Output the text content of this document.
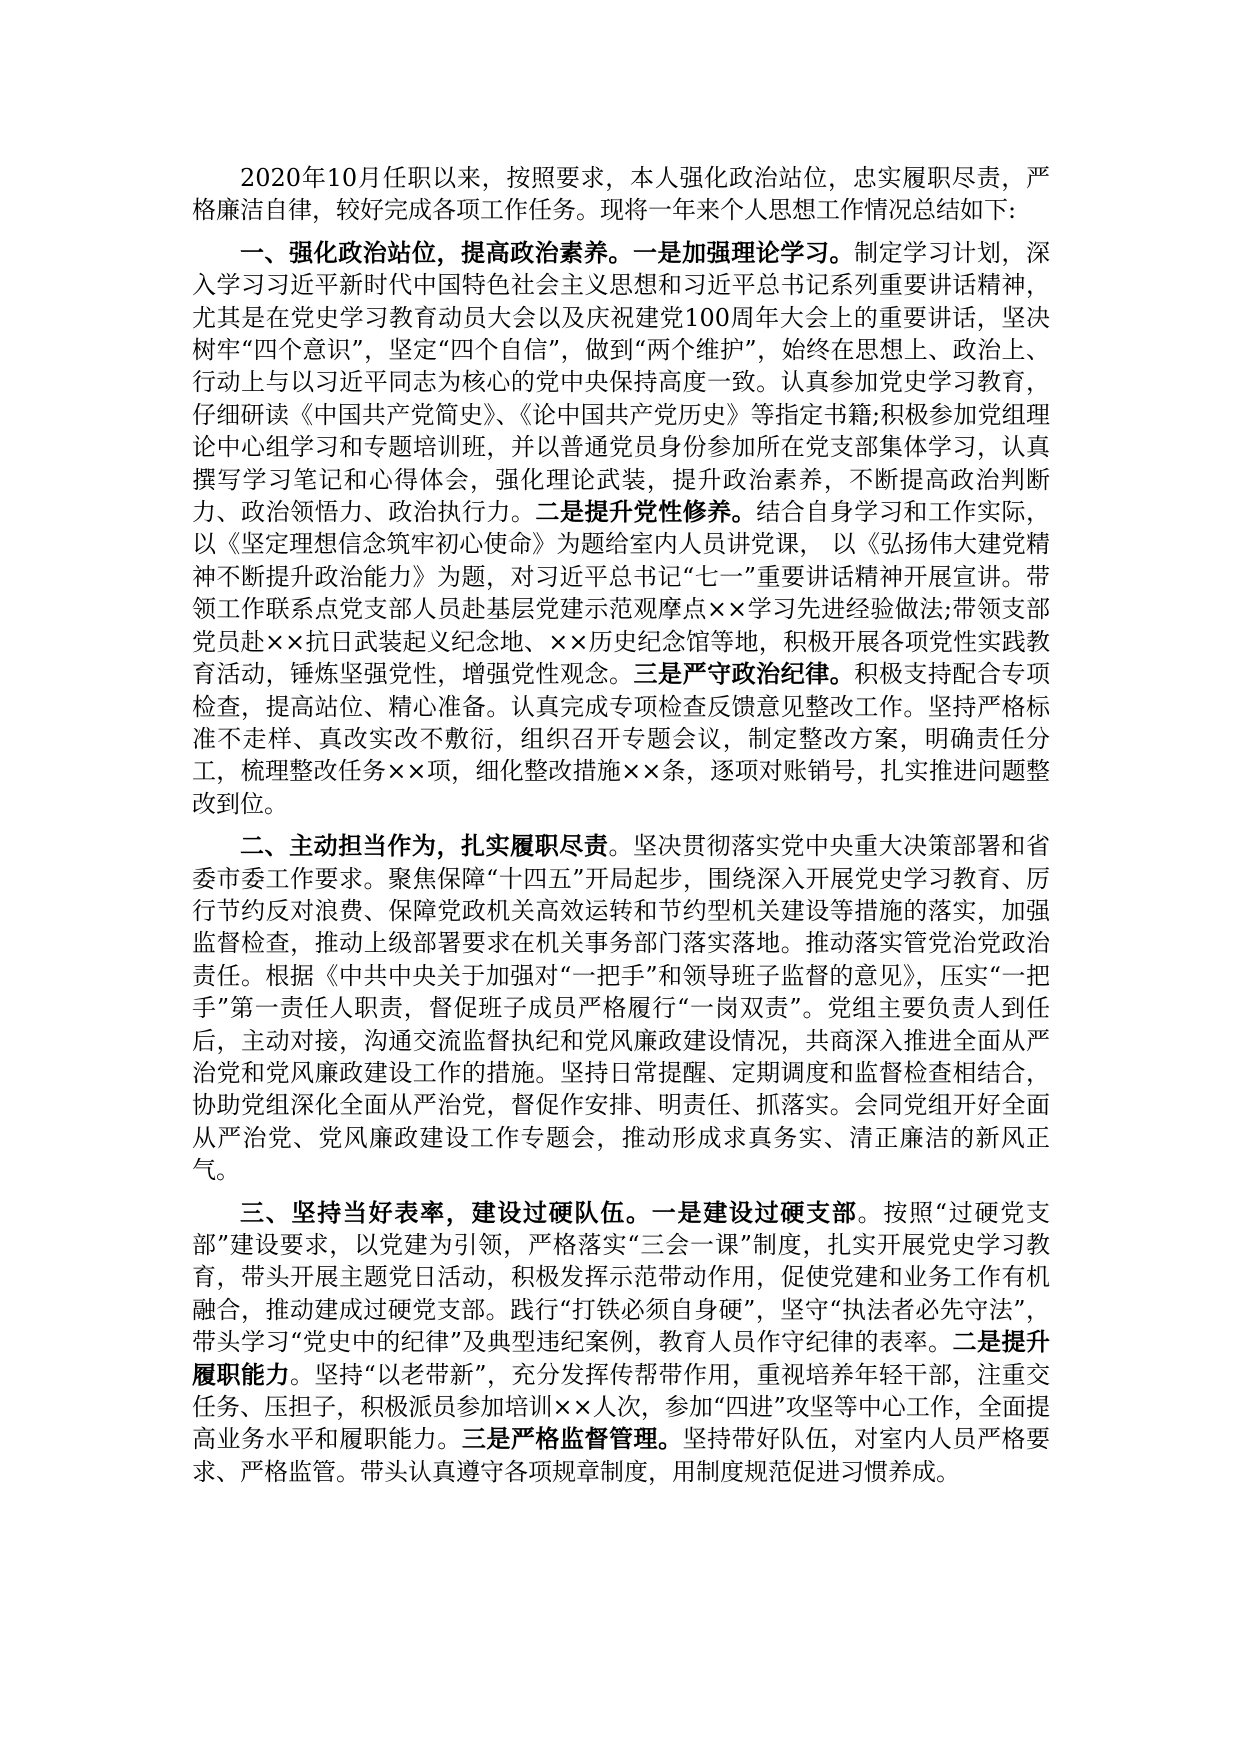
2020年10月任职以来，按照要求，本人强化政治站位，忠实履职尽责，严格廉洁自律，较好完成各项工作任务。现将一年来个人思想工作情况总结如下:

一、强化政治站位，提高政治素养。一是加强理论学习。制定学习计划，深入学习习近平新时代中国特色社会主义思想和习近平总书记系列重要讲话精神，尤其是在党史学习教育动员大会以及庆祝建党100周年大会上的重要讲话，坚决树牢“四个意识”，坚定“四个自信”，做到“两个维护”，始终在思想上、政治上、行动上与以习近平同志为核心的党中央保持高度一致。认真参加党史学习教育，仔细研读《中国共产党简史》、《论中国共产党历史》等指定书籍;积极参加党组理论中心组学习和专题培训班，并以普通党员身份参加所在党支部集体学习，认真撰写学习笔记和心得体会，强化理论武装，提升政治素养，不断提高政治判断力、政治领悟力、政治执行力。二是提升党性修养。结合自身学习和工作实际，以《坚定理想信念筑牢初心使命》为题给室内人员讲党课， 以《弘扬伟大建党精神不断提升政治能力》为题，对习近平总书记“七一”重要讲话精神开展宣讲。带领工作联系点党支部人员赴基层党建示范观摩点××学习先进经验做法;带领支部党员赴××抗日武装起义纪念地、××历史纪念馆等地，积极开展各项党性实践教育活动，锤炼坚强党性，增强党性观念。三是严守政治纪律。积极支持配合专项检查，提高站位、精心准备。认真完成专项检查反馈意见整改工作。坚持严格标准不走样、真改实改不敷衍，组织召开专题会议，制定整改方案，明确责任分工，梳理整改任务××项，细化整改措施××条，逐项对账销号，扎实推进问题整改到位。

二、主动担当作为，扎实履职尽责。坚决贯彻落实党中央重大决策部署和省委市委工作要求。聚焦保障“十四五”开局起步，围绕深入开展党史学习教育、厉行节约反对浪费、保障党政机关高效运转和节约型机关建设等措施的落实，加强监督检查，推动上级部署要求在机关事务部门落实落地。推动落实管党治党政治责任。根据《中共中央关于加强对“一把手”和领导班子监督的意见》，压实“一把手”第一责任人职责，督促班子成员严格履行“一岗双责”。党组主要负责人到任后，主动对接，沟通交流监督执纪和党风廉政建设情况，共商深入推进全面从严治党和党风廉政建设工作的措施。坚持日常提醒、定期调度和监督检查相结合，协助党组深化全面从严治党，督促作安排、明责任、抓落实。会同党组开好全面从严治党、党风廉政建设工作专题会，推动形成求真务实、清正廉洁的新风正气。

三、坚持当好表率，建设过硬队伍。一是建设过硬支部。按照“过硬党支部”建设要求，以党建为引领，严格落实“三会一课”制度，扎实开展党史学习教育，带头开展主题党日活动，积极发挥示范带动作用，促使党建和业务工作有机融合，推动建成过硬党支部。践行“打铁必须自身硬”，坚守“执法者必先守法”，带头学习“党史中的纪律”及典型违纪案例，教育人员作守纪律的表率。二是提升履职能力。坚持“以老带新”，充分发挥传帮带作用，重视培养年轻干部，注重交任务、压担子，积极派员参加培训××人次，参加“四进”攻坚等中心工作，全面提高业务水平和履职能力。三是严格监督管理。坚持带好队伍，对室内人员严格要求、严格监管。带头认真遵守各项规章制度，用制度规范促进习惯养成。
